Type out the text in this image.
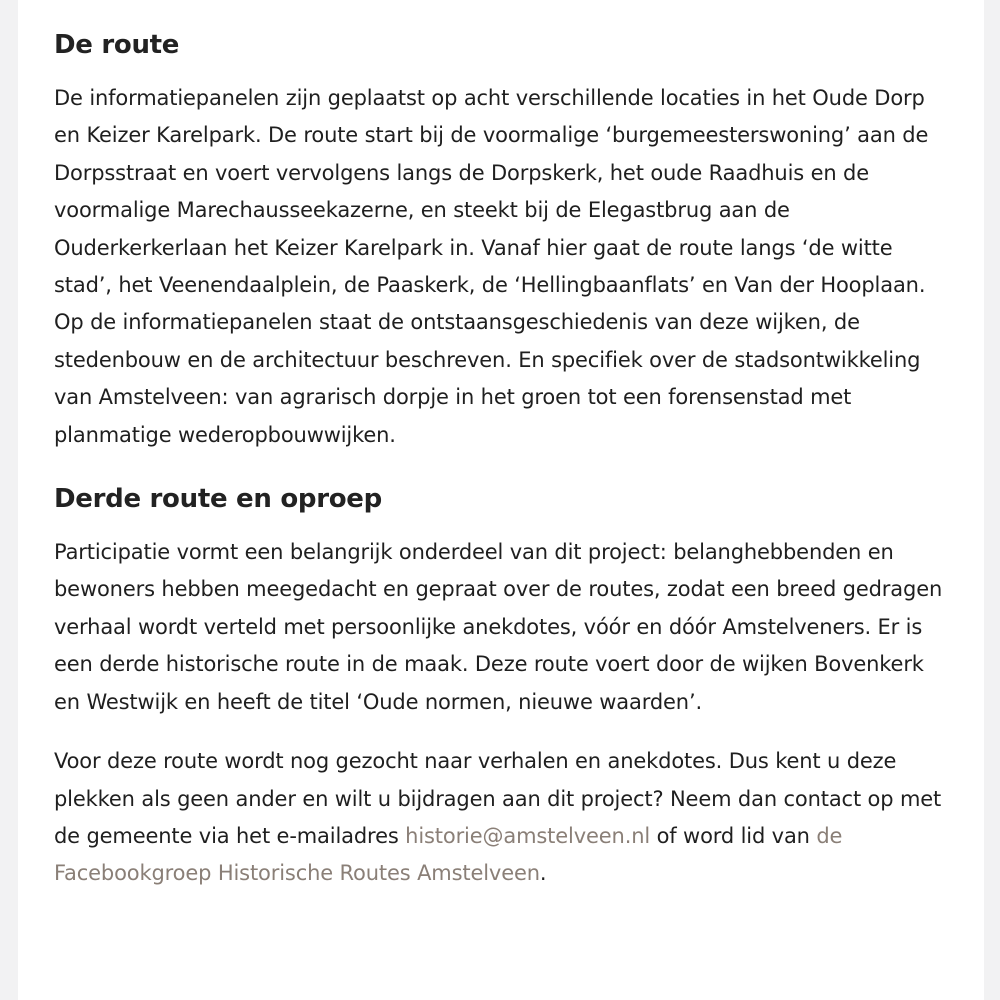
De route

De informatiepanelen zijn geplaatst op acht verschillende locaties in het Oude Dorp en Keizer Karelpark. De route start bij de voormalige ‘burgemeesterswoning’ aan de Dorpsstraat en voert vervolgens langs de Dorpskerk, het oude Raadhuis en de voormalige Marechausseekazerne, en steekt bij de Elegastbrug aan de Ouderkerkerlaan het Keizer Karelpark in. Vanaf hier gaat de route langs ‘de witte stad’, het Veenendaalplein, de Paaskerk, de ‘Hellingbaanflats’ en Van der Hooplaan. Op de informatiepanelen staat de ontstaansgeschiedenis van deze wijken, de stedenbouw en de architectuur beschreven. En specifiek over de stadsontwikkeling van Amstelveen: van agrarisch dorpje in het groen tot een forensenstad met planmatige wederopbouwwijken.

Derde route en oproep

Participatie vormt een belangrijk onderdeel van dit project: belanghebbenden en bewoners hebben meegedacht en gepraat over de routes, zodat een breed gedragen verhaal wordt verteld met persoonlijke anekdotes, vóór en dóór Amstelveners. Er is een derde historische route in de maak. Deze route voert door de wijken Bovenkerk en Westwijk en heeft de titel ‘Oude normen, nieuwe waarden’.

Voor deze route wordt nog gezocht naar verhalen en anekdotes. Dus kent u deze plekken als geen ander en wilt u bijdragen aan dit project? Neem dan contact op met de gemeente via het e-mailadres historie@amstelveen.nl of word lid van de Facebookgroep Historische Routes Amstelveen.
